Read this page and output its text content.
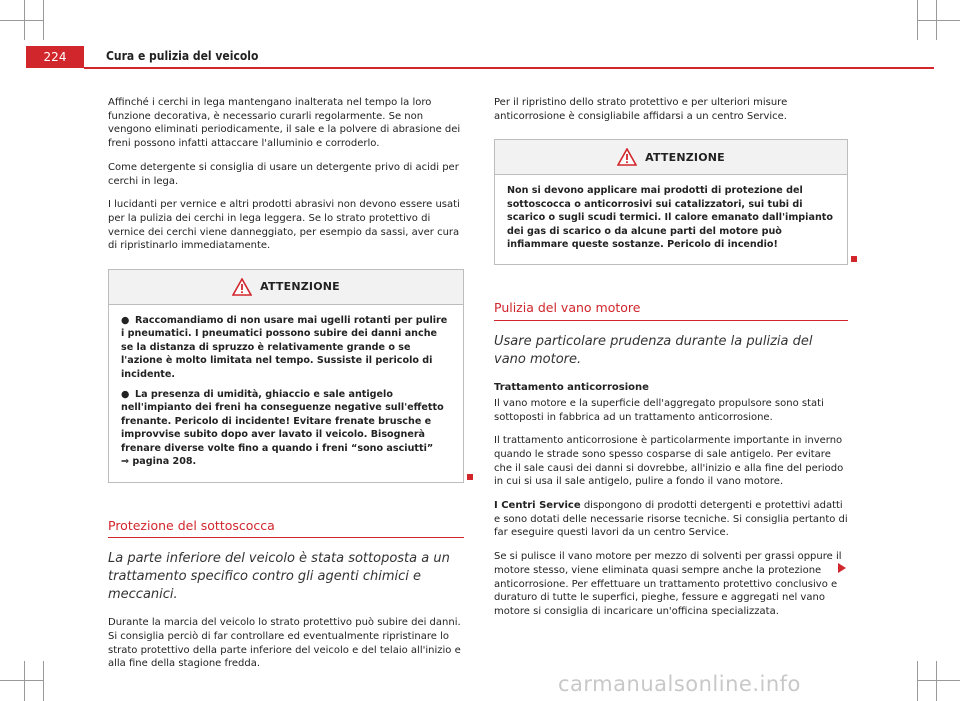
224	Cura e pulizia del veicolo

Affinché i cerchi in lega mantengano inalterata nel tempo la loro funzione decorativa, è necessario curarli regolarmente. Se non vengono eliminati periodicamente, il sale e la polvere di abrasione dei freni possono infatti attaccare l'alluminio e corroderlo.

Come detergente si consiglia di usare un detergente privo di acidi per cerchi in lega.

I lucidanti per vernice e altri prodotti abrasivi non devono essere usati per la pulizia dei cerchi in lega leggera. Se lo strato protettivo di vernice dei cerchi viene danneggiato, per esempio da sassi, aver cura di ripristinarlo immediatamente.

ATTENZIONE

● Raccomandiamo di non usare mai ugelli rotanti per pulire i pneumatici. I pneumatici possono subire dei danni anche se la distanza di spruzzo è relativamente grande o se l'azione è molto limitata nel tempo. Sussiste il pericolo di incidente.

● La presenza di umidità, ghiaccio e sale antigelo nell'impianto dei freni ha conseguenze negative sull'effetto frenante. Pericolo di incidente! Evitare frenate brusche e improvvise subito dopo aver lavato il veicolo. Bisognerà frenare diverse volte fino a quando i freni “sono asciutti”
⇒ pagina 208.

Protezione del sottoscocca
La parte inferiore del veicolo è stata sottoposta a un trattamento specifico contro gli agenti chimici e meccanici.

Durante la marcia del veicolo lo strato protettivo può subire dei danni. Si consiglia perciò di far controllare ed eventualmente ripristinare lo strato protettivo della parte inferiore del veicolo e del telaio all'inizio e alla fine della stagione fredda.

Per il ripristino dello strato protettivo e per ulteriori misure anticorrosione è consigliabile affidarsi a un centro Service.

ATTENZIONE

Non si devono applicare mai prodotti di protezione del sottoscocca o anticorrosivi sui catalizzatori, sui tubi di scarico o sugli scudi termici. Il calore emanato dall'impianto dei gas di scarico o da alcune parti del motore può infiammare queste sostanze. Pericolo di incendio!

Pulizia del vano motore
Usare particolare prudenza durante la pulizia del vano motore.
Trattamento anticorrosione

Il vano motore e la superficie dell'aggregato propulsore sono stati sottoposti in fabbrica ad un trattamento anticorrosione.

Il trattamento anticorrosione è particolarmente importante in inverno quando le strade sono spesso cosparse di sale antigelo. Per evitare che il sale causi dei danni si dovrebbe, all'inizio e alla fine del periodo in cui si usa il sale antigelo, pulire a fondo il vano motore.

I Centri Service dispongono di prodotti detergenti e protettivi adatti e sono dotati delle necessarie risorse tecniche. Si consiglia pertanto di far eseguire questi lavori da un centro Service.

Se si pulisce il vano motore per mezzo di solventi per grassi oppure il motore stesso, viene eliminata quasi sempre anche la protezione anticorrosione. Per effettuare un trattamento protettivo conclusivo e duraturo di tutte le superfici, pieghe, fessure e aggregati nel vano motore si consiglia di incaricare un'officina specializzata.

carmanualsonline.info
